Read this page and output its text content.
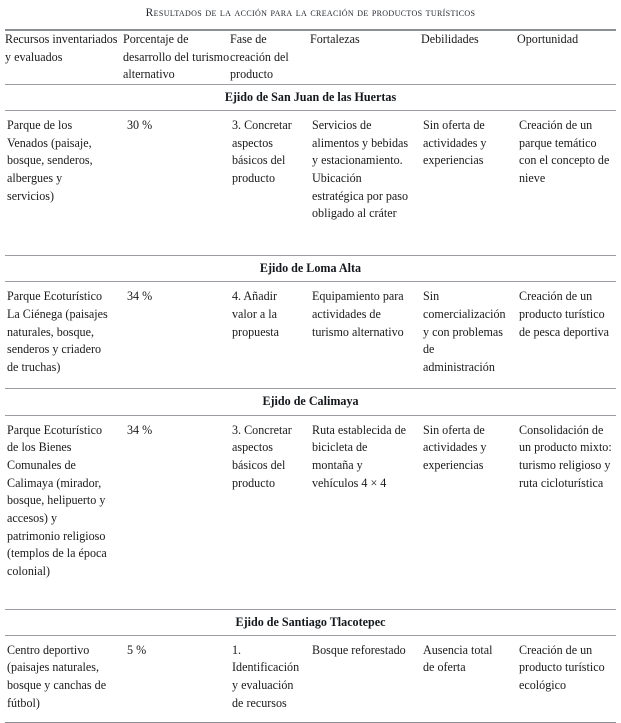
Resultados de la acción para la creación de productos turísticos
Recursos inventariados y evaluados	Porcentaje de desarrollo del turismo alternativo	Fase de creación del producto	Fortalezas	Debilidades	Oportunidad
Ejido de San Juan de las Huertas					
Parque de los Venados (paisaje, bosque, senderos, albergues y servicios)	30 %	3. Concretar aspectos básicos del producto	Servicios de alimentos y bebidas y estacionamiento. Ubicación estratégica por paso obligado al cráter	Sin oferta de actividades y experiencias	Creación de un parque temático con el concepto de nieve

Ejido de Loma Alta					
Parque Ecoturístico La Ciénega (paisajes naturales, bosque, senderos y criadero de truchas)	34 %	4. Añadir valor a la propuesta	Equipamiento para actividades de turismo alternativo	Sin comercialización y con problemas de administración	Creación de un producto turístico de pesca deportiva

Ejido de Calimaya					
Parque Ecoturístico de los Bienes Comunales de Calimaya (mirador, bosque, helipuerto y accesos) y patrimonio religioso (templos de la época colonial)	34 %	3. Concretar aspectos básicos del producto	Ruta establecida de bicicleta de montaña y vehículos 4 × 4	Sin oferta de actividades y experiencias	Consolidación de un producto mixto: turismo religioso y ruta cicloturística

Ejido de Santiago Tlacotepec					
Centro deportivo (paisajes naturales, bosque y canchas de fútbol)	5 %	1. Identificación y evaluación de recursos	Bosque reforestado	Ausencia total de oferta	Creación de un producto turístico ecológico
